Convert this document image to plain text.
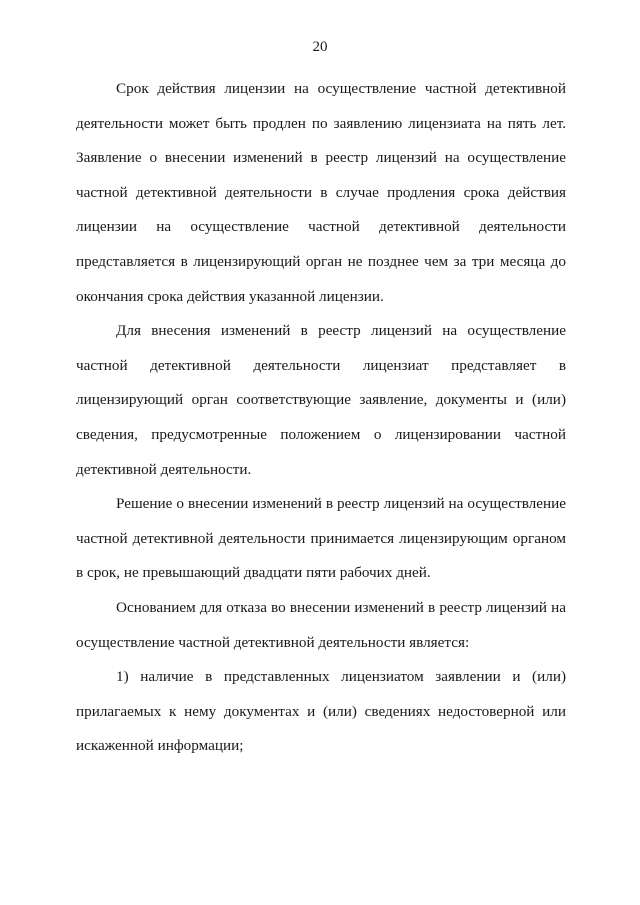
20

Срок действия лицензии на осуществление частной детективной деятельности может быть продлен по заявлению лицензиата на пять лет. Заявление о внесении изменений в реестр лицензий на осуществление частной детективной деятельности в случае продления срока действия лицензии на осуществление частной детективной деятельности представляется в лицензирующий орган не позднее чем за три месяца до окончания срока действия указанной лицензии.

Для внесения изменений в реестр лицензий на осуществление частной детективной деятельности лицензиат представляет в лицензирующий орган соответствующие заявление, документы и (или) сведения, предусмотренные положением о лицензировании частной детективной деятельности.

Решение о внесении изменений в реестр лицензий на осуществление частной детективной деятельности принимается лицензирующим органом в срок, не превышающий двадцати пяти рабочих дней.

Основанием для отказа во внесении изменений в реестр лицензий на осуществление частной детективной деятельности является:

1) наличие в представленных лицензиатом заявлении и (или) прилагаемых к нему документах и (или) сведениях недостоверной или искаженной информации;
